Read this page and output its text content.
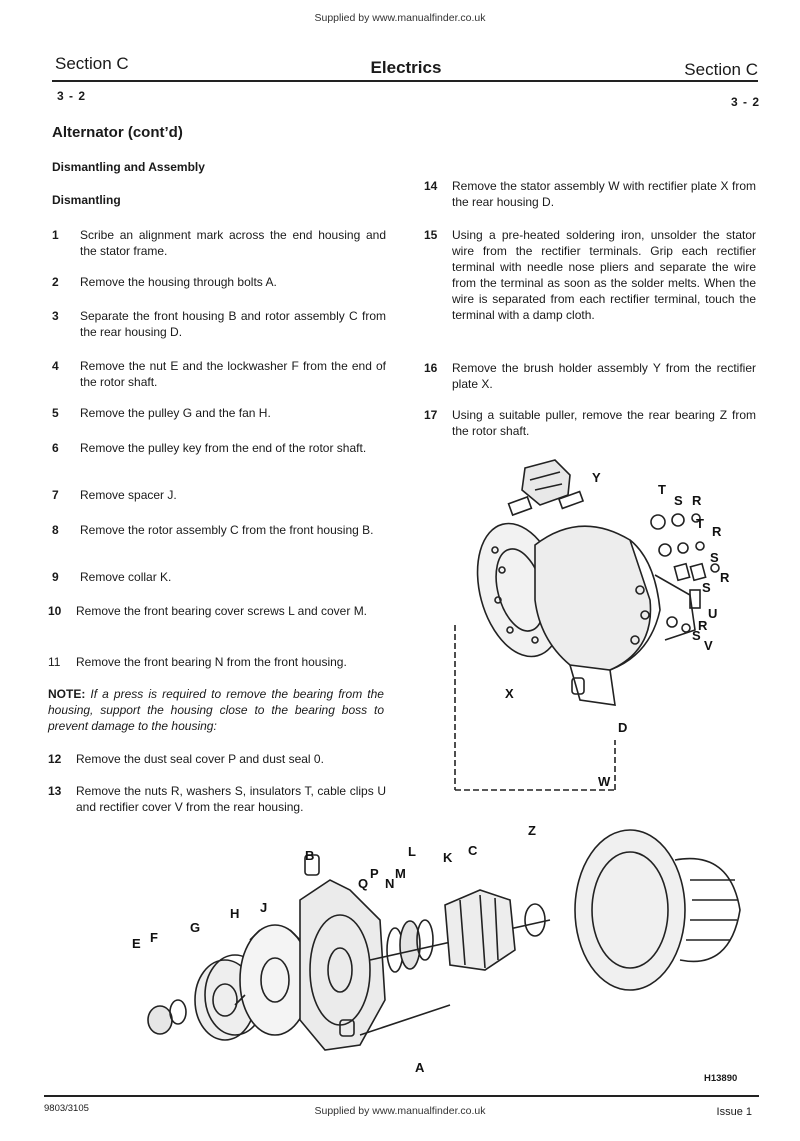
Supplied by www.manualfinder.co.uk
Section C	Electrics	Section C
3 - 2	3 - 2
Alternator (cont’d)
Dismantling and Assembly
Dismantling
1	Scribe an alignment mark across the end housing and the stator frame.
2	Remove the housing through bolts A.
3	Separate the front housing B and rotor assembly C from the rear housing D.
4	Remove the nut E and the lockwasher F from the end of the rotor shaft.
5	Remove the pulley G and the fan H.
6	Remove the pulley key from the end of the rotor shaft.
7	Remove spacer J.
8	Remove the rotor assembly C from the front housing B.
9	Remove collar K.
10	Remove the front bearing cover screws L and cover M.
11	Remove the front bearing N from the front housing.
NOTE: If a press is required to remove the bearing from the housing, support the housing close to the bearing boss to prevent damage to the housing:
12	Remove the dust seal cover P and dust seal 0.
13	Remove the nuts R, washers S, insulators T, cable clips U and rectifier cover V from the rear housing.
14	Remove the stator assembly W with rectifier plate X from the rear housing D.
15	Using a pre-heated soldering iron, unsolder the stator wire from the rectifier terminals. Grip each rectifier terminal with needle nose pliers and separate the wire from the terminal as soon as the solder melts. When the wire is separated from each rectifier terminal, touch the terminal with a damp cloth.
16	Remove the brush holder assembly Y from the rectifier plate X.
17	Using a suitable puller, remove the rear bearing Z from the rotor shaft.
Y
T
S R
T
R
S
S
R
U
R
S
V
X
D
W
B
Z
C
K
L
P
Q N
M
H J
G
E F
A
H13890
9803/3105	Supplied by www.manualfinder.co.uk	Issue 1
